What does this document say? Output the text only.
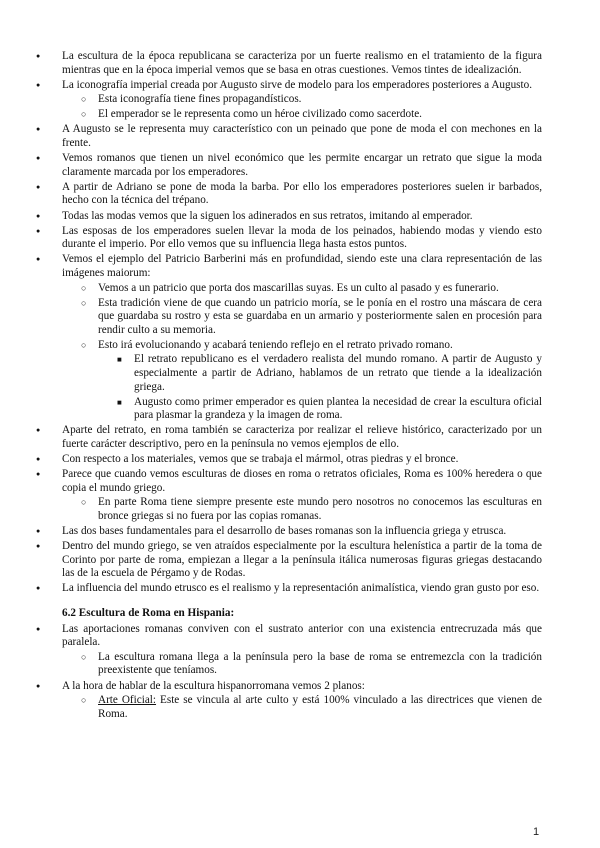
● La escultura de la época republicana se caracteriza por un fuerte realismo en el tratamiento de la figura mientras que en la época imperial vemos que se basa en otras cuestiones. Vemos tintes de idealización.
● La iconografía imperial creada por Augusto sirve de modelo para los emperadores posteriores a Augusto.
○ Esta iconografía tiene fines propagandísticos.
○ El emperador se le representa como un héroe civilizado como sacerdote.
● A Augusto se le representa muy característico con un peinado que pone de moda el con mechones en la frente.
● Vemos romanos que tienen un nivel económico que les permite encargar un retrato que sigue la moda claramente marcada por los emperadores.
● A partir de Adriano se pone de moda la barba. Por ello los emperadores posteriores suelen ir barbados, hecho con la técnica del trépano.
● Todas las modas vemos que la siguen los adinerados en sus retratos, imitando al emperador.
● Las esposas de los emperadores suelen llevar la moda de los peinados, habiendo modas y viendo esto durante el imperio. Por ello vemos que su influencia llega hasta estos puntos.
● Vemos el ejemplo del Patricio Barberini más en profundidad, siendo este una clara representación de las imágenes maiorum:
○ Vemos a un patricio que porta dos mascarillas suyas. Es un culto al pasado y es funerario.
○ Esta tradición viene de que cuando un patricio moría, se le ponía en el rostro una máscara de cera que guardaba su rostro y esta se guardaba en un armario y posteriormente salen en procesión para rendir culto a su memoria.
○ Esto irá evolucionando y acabará teniendo reflejo en el retrato privado romano.
■ El retrato republicano es el verdadero realista del mundo romano. A partir de Augusto y especialmente a partir de Adriano, hablamos de un retrato que tiende a la idealización griega.
■ Augusto como primer emperador es quien plantea la necesidad de crear la escultura oficial para plasmar la grandeza y la imagen de roma.
● Aparte del retrato, en roma también se caracteriza por realizar el relieve histórico, caracterizado por un fuerte carácter descriptivo, pero en la península no vemos ejemplos de ello.
● Con respecto a los materiales, vemos que se trabaja el mármol, otras piedras y el bronce.
● Parece que cuando vemos esculturas de dioses en roma o retratos oficiales, Roma es 100% heredera o que copia el mundo griego.
○ En parte Roma tiene siempre presente este mundo pero nosotros no conocemos las esculturas en bronce griegas si no fuera por las copias romanas.
● Las dos bases fundamentales para el desarrollo de bases romanas son la influencia griega y etrusca.
● Dentro del mundo griego, se ven atraídos especialmente por la escultura helenística a partir de la toma de Corinto por parte de roma, empiezan a llegar a la península itálica numerosas figuras griegas destacando las de la escuela de Pérgamo y de Rodas.
● La influencia del mundo etrusco es el realismo y la representación animalística, viendo gran gusto por eso.
6.2 Escultura de Roma en Hispania:
● Las aportaciones romanas conviven con el sustrato anterior con una existencia entrecruzada más que paralela.
○ La escultura romana llega a la península pero la base de roma se entremezcla con la tradición preexistente que teníamos.
● A la hora de hablar de la escultura hispanorromana vemos 2 planos:
○ Arte Oficial: Este se vincula al arte culto y está 100% vinculado a las directrices que vienen de Roma.
1
